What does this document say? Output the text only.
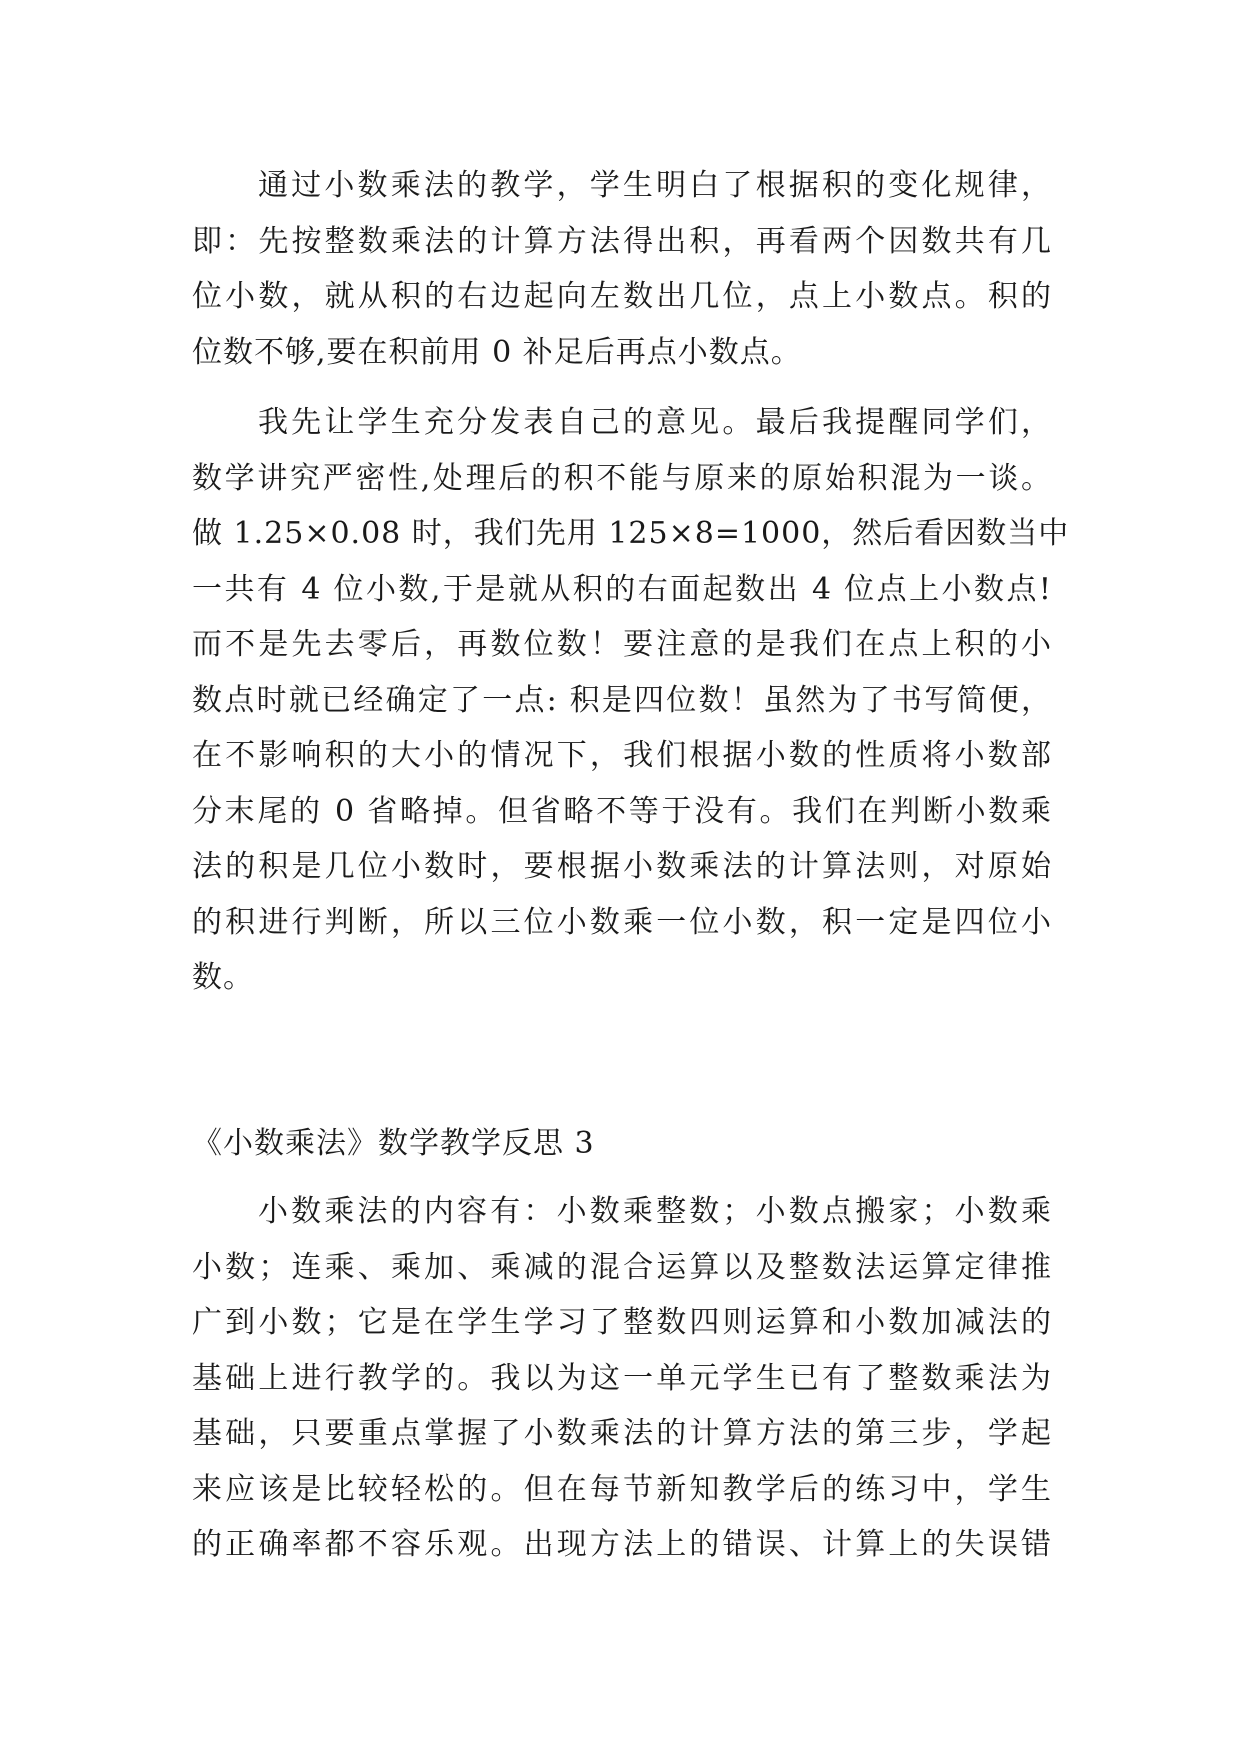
通过小数乘法的教学，学生明白了根据积的变化规律，
即：先按整数乘法的计算方法得出积，再看两个因数共有几
位小数，就从积的右边起向左数出几位，点上小数点。积的
位数不够,要在积前用 0 补足后再点小数点。
我先让学生充分发表自己的意见。最后我提醒同学们，
数学讲究严密性,处理后的积不能与原来的原始积混为一谈。
做 1.25×0.08 时，我们先用 125×8=1000，然后看因数当中
一共有 4 位小数,于是就从积的右面起数出 4 位点上小数点!
而不是先去零后，再数位数！要注意的是我们在点上积的小
数点时就已经确定了一点: 积是四位数！虽然为了书写简便，
在不影响积的大小的情况下，我们根据小数的性质将小数部
分末尾的 0 省略掉。但省略不等于没有。我们在判断小数乘
法的积是几位小数时，要根据小数乘法的计算法则，对原始
的积进行判断，所以三位小数乘一位小数，积一定是四位小
数。
《小数乘法》数学教学反思 3
小数乘法的内容有：小数乘整数；小数点搬家；小数乘
小数；连乘、乘加、乘减的混合运算以及整数法运算定律推
广到小数；它是在学生学习了整数四则运算和小数加减法的
基础上进行教学的。我以为这一单元学生已有了整数乘法为
基础，只要重点掌握了小数乘法的计算方法的第三步，学起
来应该是比较轻松的。但在每节新知教学后的练习中，学生
的正确率都不容乐观。出现方法上的错误、计算上的失误错
